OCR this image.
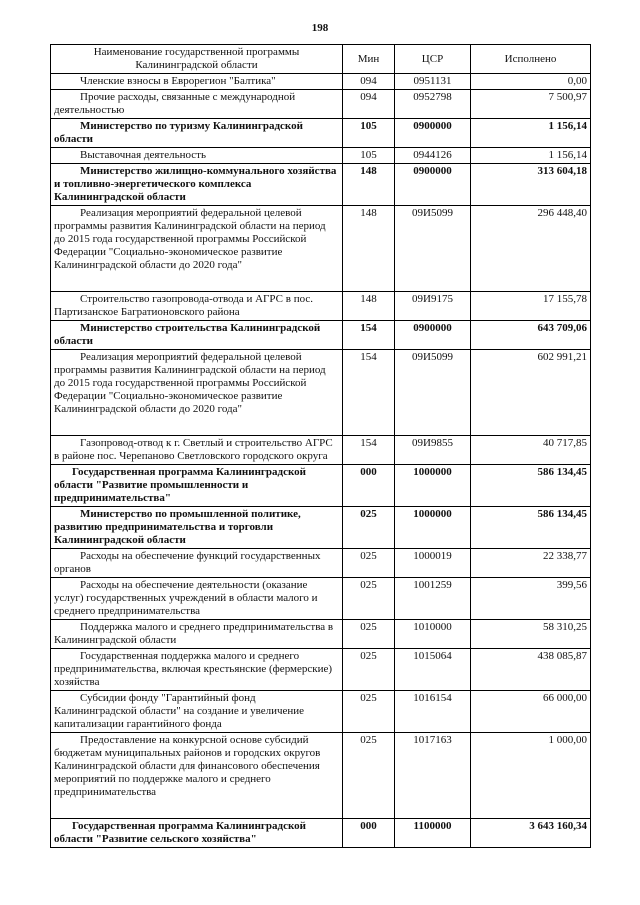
198
Наименование государственной программы Калининградской области	Мин	ЦСР	Исполнено
Членские взносы в Еврорегион "Балтика"	094	0951131	0,00
Прочие расходы, связанные с международной деятельностью	094	0952798	7 500,97
Министерство по туризму Калининградской области	105	0900000	1 156,14
Выставочная деятельность	105	0944126	1 156,14
Министерство жилищно-коммунального хозяйства и топливно-энергетического комплекса Калининградской области	148	0900000	313 604,18
Реализация мероприятий федеральной целевой программы развития Калининградской области на период до 2015 года государственной программы Российской Федерации "Социально-экономическое развитие Калининградской области до 2020 года"	148	09И5099	296 448,40
Строительство газопровода-отвода и АГРС в пос. Партизанское Багратионовского района	148	09И9175	17 155,78
Министерство строительства Калининградской области	154	0900000	643 709,06
Реализация мероприятий федеральной целевой программы развития Калининградской области на период до 2015 года государственной программы Российской Федерации "Социально-экономическое развитие Калининградской области до 2020 года"	154	09И5099	602 991,21
Газопровод-отвод к г. Светлый и строительство АГРС в районе пос. Черепаново Светловского городского округа	154	09И9855	40 717,85
Государственная программа Калининградской области "Развитие промышленности и предпринимательства"	000	1000000	586 134,45
Министерство по промышленной политике, развитию предпринимательства и торговли Калининградской области	025	1000000	586 134,45
Расходы на обеспечение функций государственных органов	025	1000019	22 338,77
Расходы на обеспечение деятельности (оказание услуг) государственных учреждений в области малого и среднего предпринимательства	025	1001259	399,56
Поддержка малого и среднего предпринимательства в Калининградской области	025	1010000	58 310,25
Государственная поддержка малого и среднего предпринимательства, включая крестьянские (фермерские) хозяйства	025	1015064	438 085,87
Субсидии фонду "Гарантийный фонд Калининградской области" на создание и увеличение капитализации гарантийного фонда	025	1016154	66 000,00
Предоставление на конкурсной основе субсидий бюджетам муниципальных районов и городских округов Калининградской области для финансового обеспечения мероприятий по поддержке малого и среднего предпринимательства	025	1017163	1 000,00
Государственная программа Калининградской области "Развитие сельского хозяйства"	000	1100000	3 643 160,34
